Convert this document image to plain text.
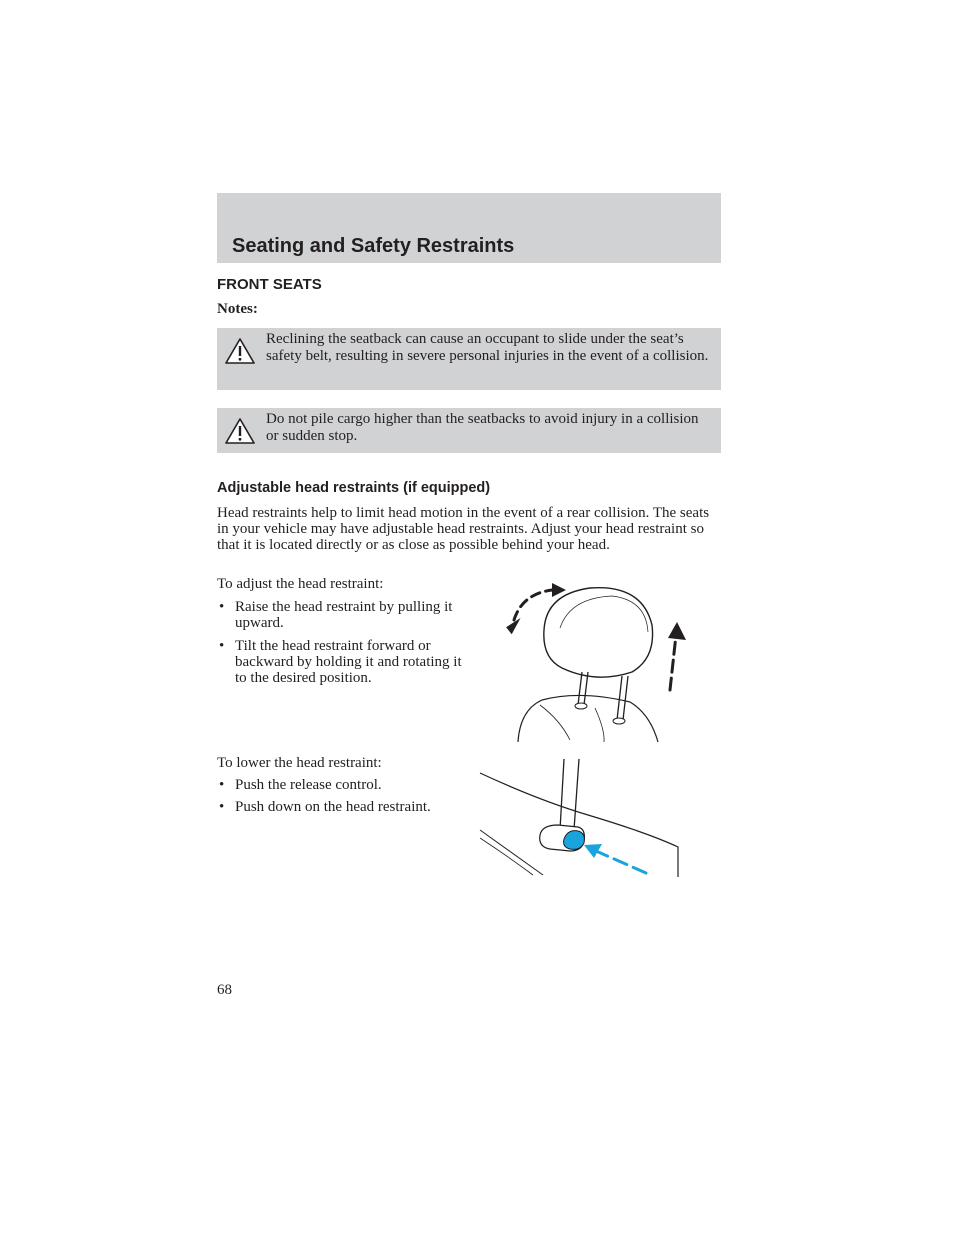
Seating and Safety Restraints
FRONT SEATS

Notes:

Reclining the seatback can cause an occupant to slide under the seat’s safety belt, resulting in severe personal injuries in the event of a collision.
Do not pile cargo higher than the seatbacks to avoid injury in a collision or sudden stop.
Adjustable head restraints (if equipped)

Head restraints help to limit head motion in the event of a rear collision. The seats in your vehicle may have adjustable head restraints. Adjust your head restraint so that it is located directly or as close as possible behind your head.

To adjust the head restraint:

• Raise the head restraint by pulling it upward.
• Tilt the head restraint forward or backward by holding it and rotating it to the desired position.

To lower the head restraint:

• Push the release control.
• Push down on the head restraint.

68
